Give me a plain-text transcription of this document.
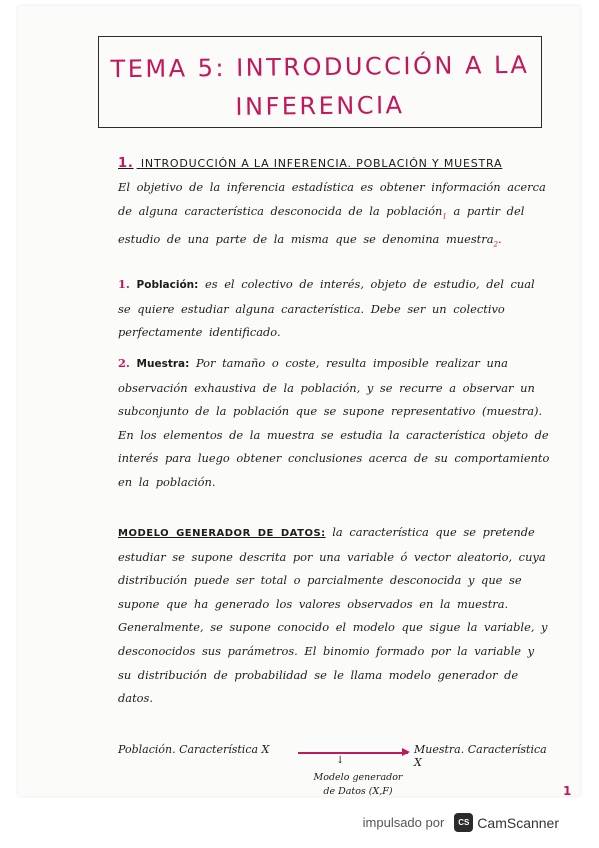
TEMA 5: INTRODUCCIÓN A LA
INFERENCIA
1. INTRODUCCIÓN A LA INFERENCIA. POBLACIÓN Y MUESTRA
El objetivo de la inferencia estadística es obtener información acerca de alguna característica desconocida de la población$_1$ a partir del estudio de una parte de la misma que se denomina muestra$_2$.
1. Población: es el colectivo de interés, objeto de estudio, del cual se quiere estudiar alguna característica. Debe ser un colectivo perfectamente identificado.
2. Muestra: Por tamaño o coste, resulta imposible realizar una observación exhaustiva de la población, y se recurre a observar un subconjunto de la población que se supone representativo (muestra). En los elementos de la muestra se estudia la característica objeto de interés para luego obtener conclusiones acerca de su comportamiento en la población.
MODELO GENERADOR DE DATOS: la característica que se pretende estudiar se supone descrita por una variable ó vector aleatorio, cuya distribución puede ser total o parcialmente desconocida y que se supone que ha generado los valores observados en la muestra. Generalmente, se supone conocido el modelo que sigue la variable, y desconocidos sus parámetros. El binomio formado por la variable y su distribución de probabilidad se le llama modelo generador de datos.
Población. Característica X
↓
Muestra. Característica X
Modelo generador
de Datos (X,F)	1
impulsado por	CS CamScanner
